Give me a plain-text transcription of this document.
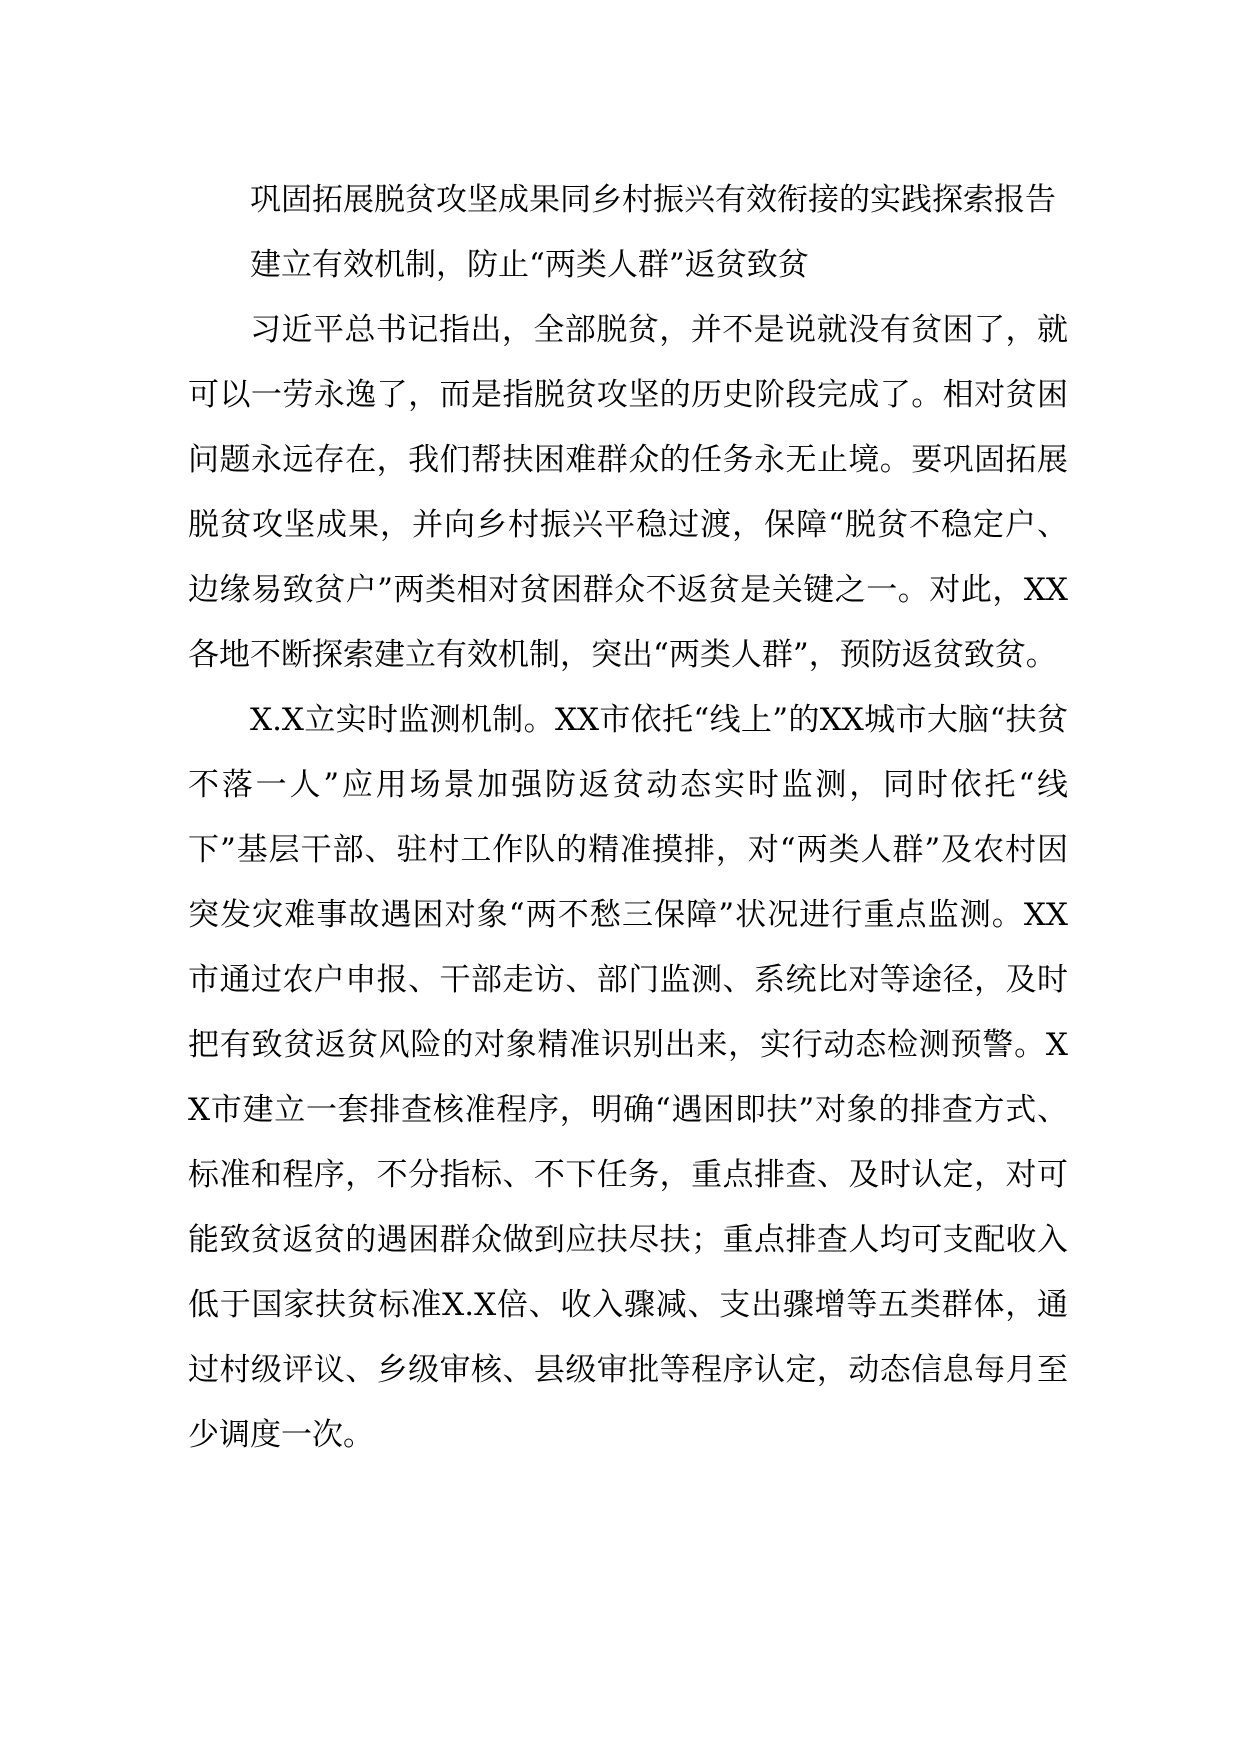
巩固拓展脱贫攻坚成果同乡村振兴有效衔接的实践探索报告

建立有效机制，防止“两类人群”返贫致贫

习近平总书记指出，全部脱贫，并不是说就没有贫困了，就可以一劳永逸了，而是指脱贫攻坚的历史阶段完成了。相对贫困问题永远存在，我们帮扶困难群众的任务永无止境。要巩固拓展脱贫攻坚成果，并向乡村振兴平稳过渡，保障“脱贫不稳定户、边缘易致贫户”两类相对贫困群众不返贫是关键之一。对此，XX各地不断探索建立有效机制，突出“两类人群”，预防返贫致贫。

X.X立实时监测机制。XX市依托“线上”的XX城市大脑“扶贫不落一人”应用场景加强防返贫动态实时监测，同时依托“线下”基层干部、驻村工作队的精准摸排，对“两类人群”及农村因突发灾难事故遇困对象“两不愁三保障”状况进行重点监测。XX市通过农户申报、干部走访、部门监测、系统比对等途径，及时把有致贫返贫风险的对象精准识别出来，实行动态检测预警。XX市建立一套排查核准程序，明确“遇困即扶”对象的排查方式、标准和程序，不分指标、不下任务，重点排查、及时认定，对可能致贫返贫的遇困群众做到应扶尽扶；重点排查人均可支配收入低于国家扶贫标准X.X倍、收入骤减、支出骤增等五类群体，通过村级评议、乡级审核、县级审批等程序认定，动态信息每月至少调度一次。
